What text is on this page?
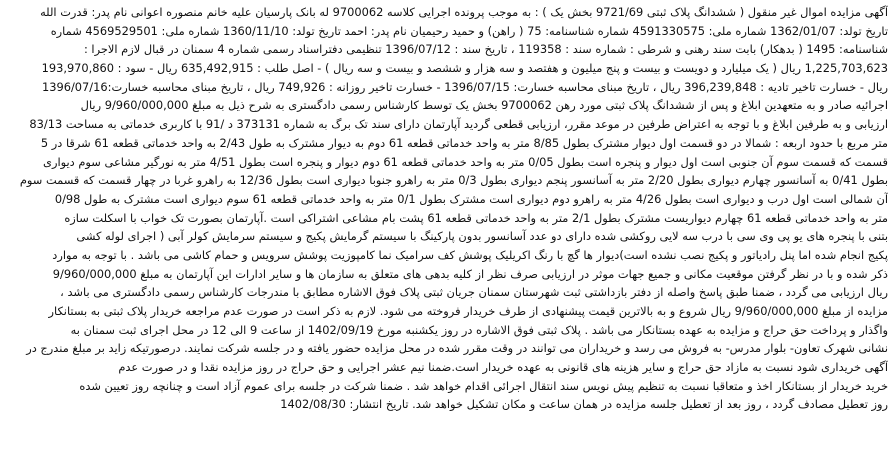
آگهی مزایده اموال غیر منقول ( ششدانگ پلاک ثبتی 9721/69 بخش یک ) : به موجب پرونده اجرایی کلاسه 9700062 له بانک پارسیان علیه خانم منصوره اعوانی نام پدر: قدرت الله
تاریخ تولد: 1362/01/07 شماره ملی: 4591330575 شماره شناسنامه: 75 ( راهن) و حمید رحیمیان نام پدر: احمد تاریخ تولد: 1360/11/10 شماره ملی: 4569529501 شماره
شناسنامه: 1495 ( بدهکار) بابت سند رهنی و شرطی : شماره سند : 119358 ، تاریخ سند : 1396/07/12 تنظیمی دفتراسناد رسمی شماره 4 سمنان در قبال لازم الاجرا :
1,225,703,623 ریال ( یک میلیارد و دویست و بیست و پنج میلیون و هفتصد و سه هزار و ششصد و بیست و سه ریال ) - اصل طلب : 635,492,915 ریال - سود : 193,970,860
ریال - خسارت تاخیر تادیه : 396,239,848 ریال ، تاریخ مبنای محاسبه خسارت: 1396/07/15 - خسارت تاخیر روزانه : 749,926 ریال ، تاریخ مبنای محاسبه خسارت:1396/07/16
اجرائیه صادر و به متعهدین ابلاغ و پس از ششدانگ پلاک ثبتی مورد رهن 9700062 بخش یک توسط کارشناس رسمی دادگستری به شرح ذیل به مبلغ 9/960/000,000 ریال
ارزیابی و به طرفین ابلاغ و با توجه به اعتراض طرفین در موعد مقرر، ارزیابی قطعی گردید آپارتمان دارای سند تک برگ به شماره 373131 د /91 با کاربری خدماتی به مساحت 83/13
متر مربع با حدود اربعه : شمالا در دو قسمت اول دیوار مشترک بطول 8/85 متر به واحد خدماتی قطعه 61 دوم به دیوار مشترک به طول 2/43 به واحد خدماتی قطعه 61 شرقا در 5
قسمت که قسمت سوم آن جنوبی است اول دیوار و پنجره است بطول 0/05 متر به واحد خدماتی قطعه 61 دوم دیوار و پنجره است بطول 4/51 متر به نورگیر مشاعی سوم دیواری
بطول 0/41 به آسانسور چهارم دیواری بطول 2/20 متر به آسانسور پنجم دیواری بطول 0/3 متر به راهرو جنوبا دیواری است بطول 12/36 به راهرو غربا در چهار قسمت که قسمت سوم
آن شمالی است اول درب و دیواری است بطول 4/26 متر به راهرو دوم دیواری است مشترک بطول 0/1 متر به واحد خدماتی قطعه 61 سوم دیواری است مشترک به طول 0/98
متر به واحد خدماتی قطعه 61 چهارم دیواریست مشترک بطول 2/1 متر به واحد خدماتی قطعه 61 پشت بام مشاعی اشتراکی است .آپارتمان بصورت تک خواب با اسکلت سازه
بتنی با پنجره های یو پی وی سی با درب سه لایی روکشی شده دارای دو عدد آسانسور بدون پارکینگ با سیستم گرمایش پکیج و سیستم سرمایش کولر آبی ( اجرای لوله کشی
پکیج انجام شده اما پنل رادیاتور و پکیج نصب نشده است)دیوار ها گچ با رنگ اکریلیک پوشش کف سرامیک نما کامپوزیت پوشش سرویس و حمام کاشی می باشد . با توجه به موارد
ذکر شده و با در نظر گرفتن موقعیت مکانی و جمیع جهات موثر در ارزیابی صرف نظر از کلیه بدهی های متعلق به سازمان ها و سایر ادارات این آپارتمان به مبلغ 9/960/000,000
ریال ارزیابی می گردد ، ضمنا طبق پاسخ واصله از دفتر بازداشتی ثبت شهرستان سمنان جریان ثبتی پلاک فوق الاشاره مطابق با مندرجات کارشناس رسمی دادگستری می باشد ،
مزایده از مبلغ 9/960/000,000 ریال شروع و به بالاترین قیمت پیشنهادی از طرف خریدار فروخته می شود. لازم به ذکر است در صورت عدم مراجعه خریدار پلاک ثبتی به بستانکار
واگذار و پرداخت حق حراج و مزایده به عهده بستانکار می باشد . پلاک ثبتی فوق الاشاره در روز یکشنبه مورخ 1402/09/19 از ساعت 9 الی 12 در محل اجرای ثبت سمنان به
نشانی شهرک تعاون- بلوار مدرس- به فروش می رسد و خریداران می توانند در وقت مقرر شده در محل مزایده حضور یافته و در جلسه شرکت نمایند. درصورتیکه زاید بر مبلغ مندرج در
آگهی خریداری شود نسبت به مازاد حق حراج و سایر هزینه های قانونی به عهده خریدار است.ضمنا نیم عشر اجرایی و حق حراج در روز مزایده نقدا و در صورت عدم
خرید خریدار از بستانکار اخذ و متعاقبا نسبت به تنظیم پیش نویس سند انتقال اجرائی اقدام خواهد شد . ضمنا شرکت در جلسه برای عموم آزاد است و چنانچه روز تعیین شده
روز تعطیل مصادف گردد ، روز بعد از تعطیل جلسه مزایده در همان ساعت و مکان تشکیل خواهد شد. تاریخ انتشار: 1402/08/30
